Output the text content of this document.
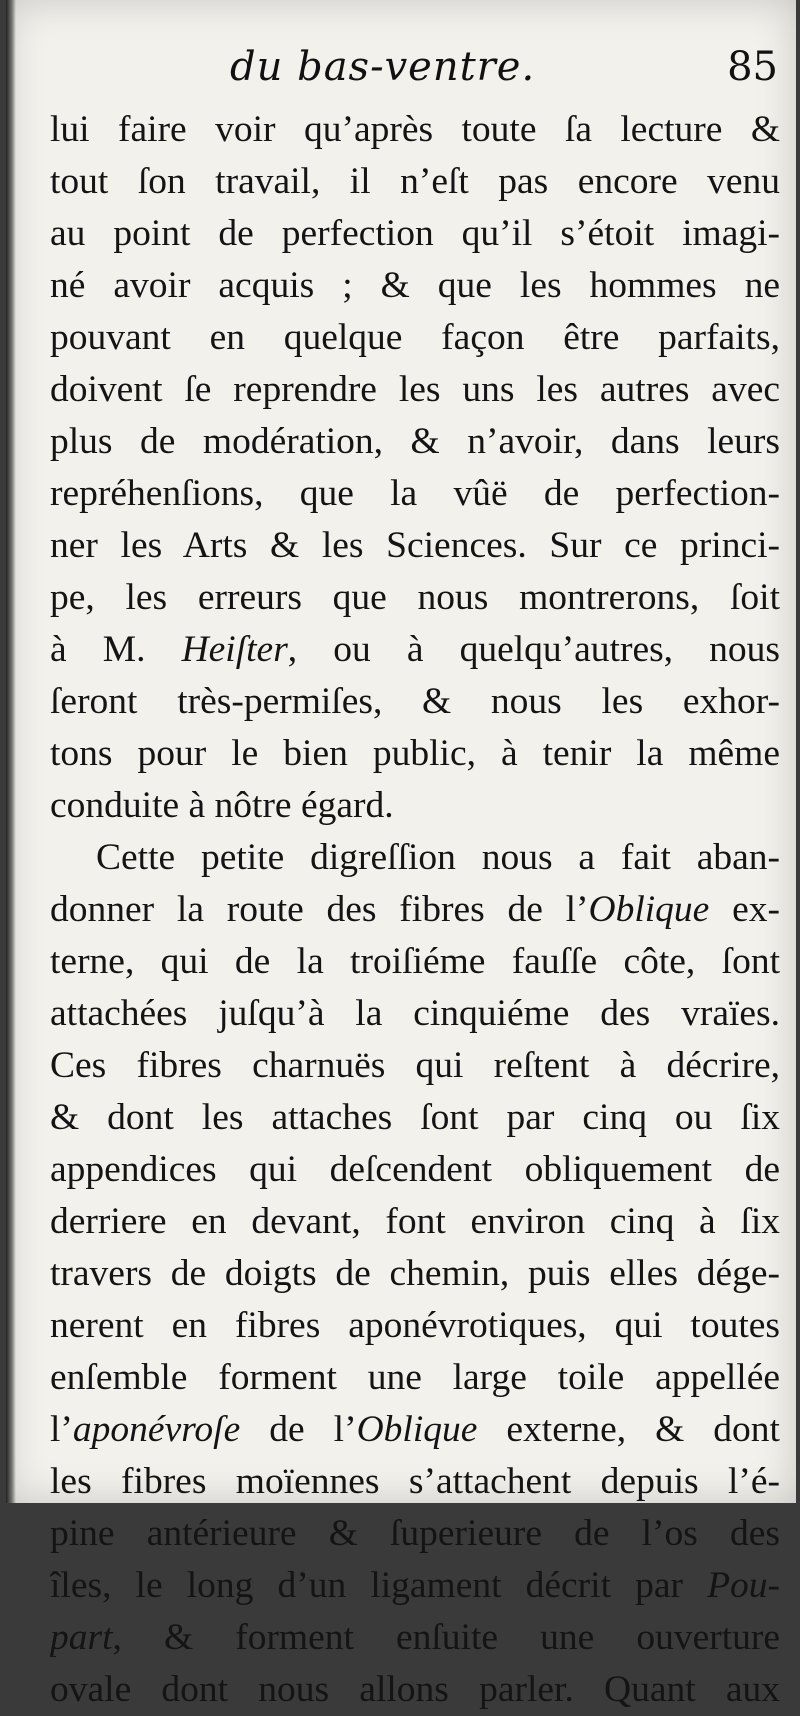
du bas-ventre.	85
lui faire voir qu’après toute ſa lecture &
tout ſon travail, il n’eſt pas encore venu
au point de perfection qu’il s’étoit imagi-
né avoir acquis ; & que les hommes ne
pouvant en quelque façon être parfaits,
doivent ſe reprendre les uns les autres avec
plus de modération, & n’avoir, dans leurs
repréhenſions, que la vûë de perfection-
ner les Arts & les Sciences. Sur ce princi-
pe, les erreurs que nous montrerons, ſoit
à M. Heiſter, ou à quelqu’autres, nous
ſeront très-permiſes, & nous les exhor-
tons pour le bien public, à tenir la même
conduite à nôtre égard.
Cette petite digreſſion nous a fait aban-
donner la route des fibres de l’Oblique ex-
terne, qui de la troiſiéme fauſſe côte, ſont
attachées juſqu’à la cinquiéme des vraïes.
Ces fibres charnuës qui reſtent à décrire,
& dont les attaches ſont par cinq ou ſix
appendices qui deſcendent obliquement de
derriere en devant, font environ cinq à ſix
travers de doigts de chemin, puis elles dége-
nerent en fibres aponévrotiques, qui toutes
enſemble forment une large toile appellée
l’aponévroſe de l’Oblique externe, & dont
les fibres moïennes s’attachent depuis l’é-
pine antérieure & ſuperieure de l’os des
îles, le long d’un ligament décrit par Pou-
part, & forment enſuite une ouverture
ovale dont nous allons parler. Quant aux
